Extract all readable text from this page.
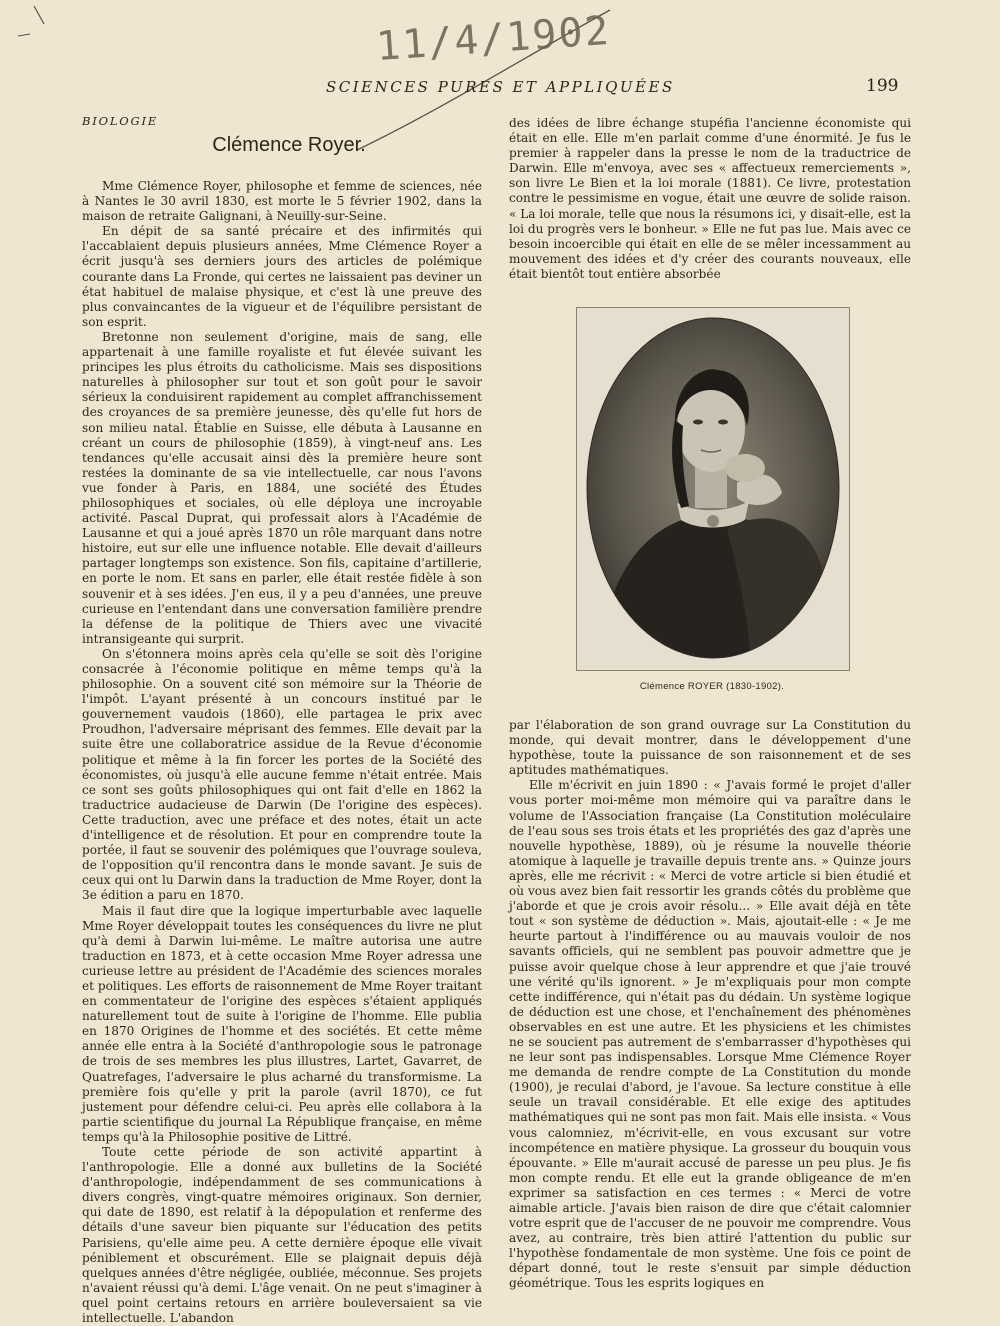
11/4/1902
SCIENCES PURES ET APPLIQUÉES	199
BIOLOGIE
Clémence Royer.

Mme Clémence Royer, philosophe et femme de sciences, née à Nantes le 30 avril 1830, est morte le 5 février 1902, dans la maison de retraite Galignani, à Neuilly-sur-Seine.

En dépit de sa santé précaire et des infirmités qui l'accablaient depuis plusieurs années, Mme Clémence Royer a écrit jusqu'à ses derniers jours des articles de polémique courante dans La Fronde, qui certes ne laissaient pas deviner un état habituel de malaise physique, et c'est là une preuve des plus convaincantes de la vigueur et de l'équilibre persistant de son esprit.

Bretonne non seulement d'origine, mais de sang, elle appartenait à une famille royaliste et fut élevée suivant les principes les plus étroits du catholicisme. Mais ses dispositions naturelles à philosopher sur tout et son goût pour le savoir sérieux la conduisirent rapidement au complet affranchissement des croyances de sa première jeunesse, dès qu'elle fut hors de son milieu natal. Établie en Suisse, elle débuta à Lausanne en créant un cours de philosophie (1859), à vingt-neuf ans. Les tendances qu'elle accusait ainsi dès la première heure sont restées la dominante de sa vie intellectuelle, car nous l'avons vue fonder à Paris, en 1884, une société des Études philosophiques et sociales, où elle déploya une incroyable activité. Pascal Duprat, qui professait alors à l'Académie de Lausanne et qui a joué après 1870 un rôle marquant dans notre histoire, eut sur elle une influence notable. Elle devait d'ailleurs partager longtemps son existence. Son fils, capitaine d'artillerie, en porte le nom. Et sans en parler, elle était restée fidèle à son souvenir et à ses idées. J'en eus, il y a peu d'années, une preuve curieuse en l'entendant dans une conversation familière prendre la défense de la politique de Thiers avec une vivacité intransigeante qui surprit.

On s'étonnera moins après cela qu'elle se soit dès l'origine consacrée à l'économie politique en même temps qu'à la philosophie. On a souvent cité son mémoire sur la Théorie de l'impôt. L'ayant présenté à un concours institué par le gouvernement vaudois (1860), elle partagea le prix avec Proudhon, l'adversaire méprisant des femmes. Elle devait par la suite être une collaboratrice assidue de la Revue d'économie politique et même à la fin forcer les portes de la Société des économistes, où jusqu'à elle aucune femme n'était entrée. Mais ce sont ses goûts philosophiques qui ont fait d'elle en 1862 la traductrice audacieuse de Darwin (De l'origine des espèces). Cette traduction, avec une préface et des notes, était un acte d'intelligence et de résolution. Et pour en comprendre toute la portée, il faut se souvenir des polémiques que l'ouvrage souleva, de l'opposition qu'il rencontra dans le monde savant. Je suis de ceux qui ont lu Darwin dans la traduction de Mme Royer, dont la 3e édition a paru en 1870.

Mais il faut dire que la logique imperturbable avec laquelle Mme Royer développait toutes les conséquences du livre ne plut qu'à demi à Darwin lui-même. Le maître autorisa une autre traduction en 1873, et à cette occasion Mme Royer adressa une curieuse lettre au président de l'Académie des sciences morales et politiques. Les efforts de raisonnement de Mme Royer traitant en commentateur de l'origine des espèces s'étaient appliqués naturellement tout de suite à l'origine de l'homme. Elle publia en 1870 Origines de l'homme et des sociétés. Et cette même année elle entra à la Société d'anthropologie sous le patronage de trois de ses membres les plus illustres, Lartet, Gavarret, de Quatrefages, l'adversaire le plus acharné du transformisme. La première fois qu'elle y prit la parole (avril 1870), ce fut justement pour défendre celui-ci. Peu après elle collabora à la partie scientifique du journal La République française, en même temps qu'à la Philosophie positive de Littré.

Toute cette période de son activité appartint à l'anthropologie. Elle a donné aux bulletins de la Société d'anthropologie, indépendamment de ses communications à divers congrès, vingt-quatre mémoires originaux. Son dernier, qui date de 1890, est relatif à la dépopulation et renferme des détails d'une saveur bien piquante sur l'éducation des petits Parisiens, qu'elle aime peu. A cette dernière époque elle vivait péniblement et obscurément. Elle se plaignait depuis déjà quelques années d'être négligée, oubliée, méconnue. Ses projets n'avaient réussi qu'à demi. L'âge venait. On ne peut s'imaginer à quel point certains retours en arrière bouleversaient sa vie intellectuelle. L'abandon

des idées de libre échange stupéfia l'ancienne économiste qui était en elle. Elle m'en parlait comme d'une énormité. Je fus le premier à rappeler dans la presse le nom de la traductrice de Darwin. Elle m'envoya, avec ses « affectueux remerciements », son livre Le Bien et la loi morale (1881). Ce livre, protestation contre le pessimisme en vogue, était une œuvre de solide raison. « La loi morale, telle que nous la résumons ici, y disait-elle, est la loi du progrès vers le bonheur. » Elle ne fut pas lue. Mais avec ce besoin incoercible qui était en elle de se mêler incessamment au mouvement des idées et d'y créer des courants nouveaux, elle était bientôt tout entière absorbée

Clémence ROYER (1830-1902).

par l'élaboration de son grand ouvrage sur La Constitution du monde, qui devait montrer, dans le développement d'une hypothèse, toute la puissance de son raisonnement et de ses aptitudes mathématiques.

Elle m'écrivit en juin 1890 : « J'avais formé le projet d'aller vous porter moi-même mon mémoire qui va paraître dans le volume de l'Association française (La Constitution moléculaire de l'eau sous ses trois états et les propriétés des gaz d'après une nouvelle hypothèse, 1889), où je résume la nouvelle théorie atomique à laquelle je travaille depuis trente ans. » Quinze jours après, elle me récrivit : « Merci de votre article si bien étudié et où vous avez bien fait ressortir les grands côtés du problème que j'aborde et que je crois avoir résolu... » Elle avait déjà en tête tout « son système de déduction ». Mais, ajoutait-elle : « Je me heurte partout à l'indifférence ou au mauvais vouloir de nos savants officiels, qui ne semblent pas pouvoir admettre que je puisse avoir quelque chose à leur apprendre et que j'aie trouvé une vérité qu'ils ignorent. » Je m'expliquais pour mon compte cette indifférence, qui n'était pas du dédain. Un système logique de déduction est une chose, et l'enchaînement des phénomènes observables en est une autre. Et les physiciens et les chimistes ne se soucient pas autrement de s'embarrasser d'hypothèses qui ne leur sont pas indispensables. Lorsque Mme Clémence Royer me demanda de rendre compte de La Constitution du monde (1900), je reculai d'abord, je l'avoue. Sa lecture constitue à elle seule un travail considérable. Et elle exige des aptitudes mathématiques qui ne sont pas mon fait. Mais elle insista. « Vous vous calomniez, m'écrivit-elle, en vous excusant sur votre incompétence en matière physique. La grosseur du bouquin vous épouvante. » Elle m'aurait accusé de paresse un peu plus. Je fis mon compte rendu. Et elle eut la grande obligeance de m'en exprimer sa satisfaction en ces termes : « Merci de votre aimable article. J'avais bien raison de dire que c'était calomnier votre esprit que de l'accuser de ne pouvoir me comprendre. Vous avez, au contraire, très bien attiré l'attention du public sur l'hypothèse fondamentale de mon système. Une fois ce point de départ donné, tout le reste s'ensuit par simple déduction géométrique. Tous les esprits logiques en
